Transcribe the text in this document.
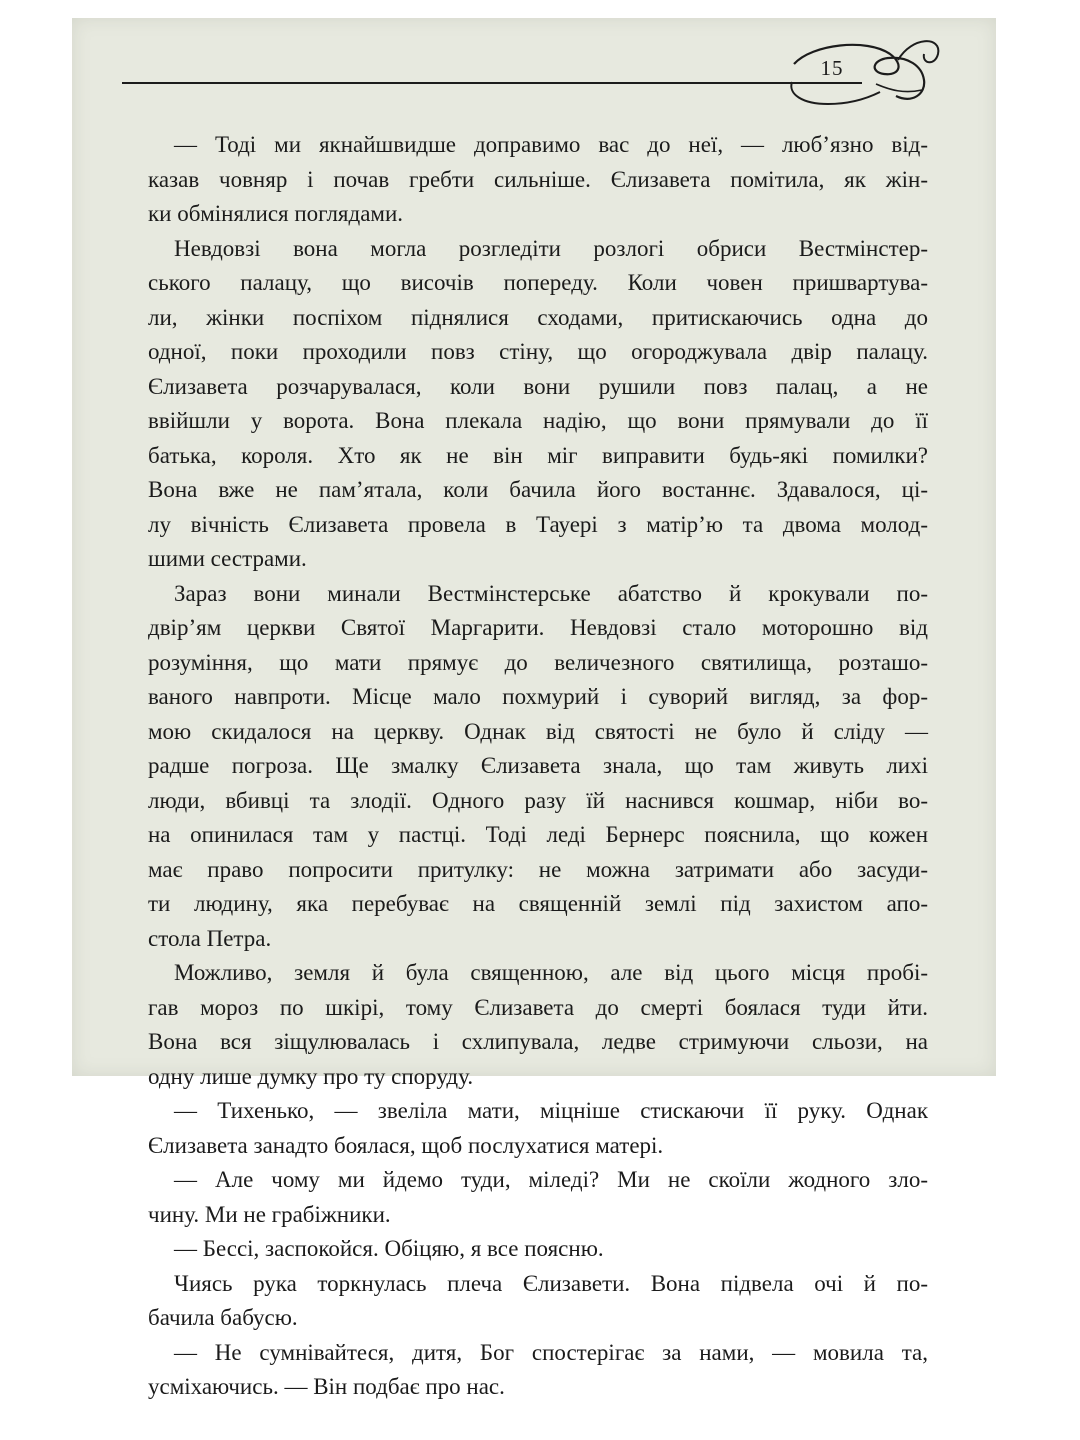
15

— Тоді ми якнайшвидше доправимо вас до неї, — люб’язно від-
казав човняр і почав гребти сильніше. Єлизавета помітила, як жін-
ки обмінялися поглядами.

Невдовзі вона могла розгледіти розлогі обриси Вестмінстер-
ського палацу, що височів попереду. Коли човен пришвартува-
ли, жінки поспіхом піднялися сходами, притискаючись одна до
одної, поки проходили повз стіну, що огороджувала двір палацу.
Єлизавета розчарувалася, коли вони рушили повз палац, а не
ввійшли у ворота. Вона плекала надію, що вони прямували до її
батька, короля. Хто як не він міг виправити будь-які помилки?
Вона вже не пам’ятала, коли бачила його востаннє. Здавалося, ці-
лу вічність Єлизавета провела в Тауері з матір’ю та двома молод-
шими сестрами.

Зараз вони минали Вестмінстерське абатство й крокували по-
двір’ям церкви Святої Маргарити. Невдовзі стало моторошно від
розуміння, що мати прямує до величезного святилища, розташо-
ваного навпроти. Місце мало похмурий і суворий вигляд, за фор-
мою скидалося на церкву. Однак від святості не було й сліду —
радше погроза. Ще змалку Єлизавета знала, що там живуть лихі
люди, вбивці та злодії. Одного разу їй наснився кошмар, ніби во-
на опинилася там у пастці. Тоді леді Бернерс пояснила, що кожен
має право попросити притулку: не можна затримати або засуди-
ти людину, яка перебуває на священній землі під захистом апо-
стола Петра.

Можливо, земля й була священною, але від цього місця пробі-
гав мороз по шкірі, тому Єлизавета до смерті боялася туди йти.
Вона вся зіщулювалась і схлипувала, ледве стримуючи сльози, на
одну лише думку про ту споруду.

— Тихенько, — звеліла мати, міцніше стискаючи її руку. Однак
Єлизавета занадто боялася, щоб послухатися матері.

— Але чому ми йдемо туди, міледі? Ми не скоїли жодного зло-
чину. Ми не грабіжники.

— Бессі, заспокойся. Обіцяю, я все поясню.

Чиясь рука торкнулась плеча Єлизавети. Вона підвела очі й по-
бачила бабусю.

— Не сумнівайтеся, дитя, Бог спостерігає за нами, — мовила та,
усміхаючись. — Він подбає про нас.
